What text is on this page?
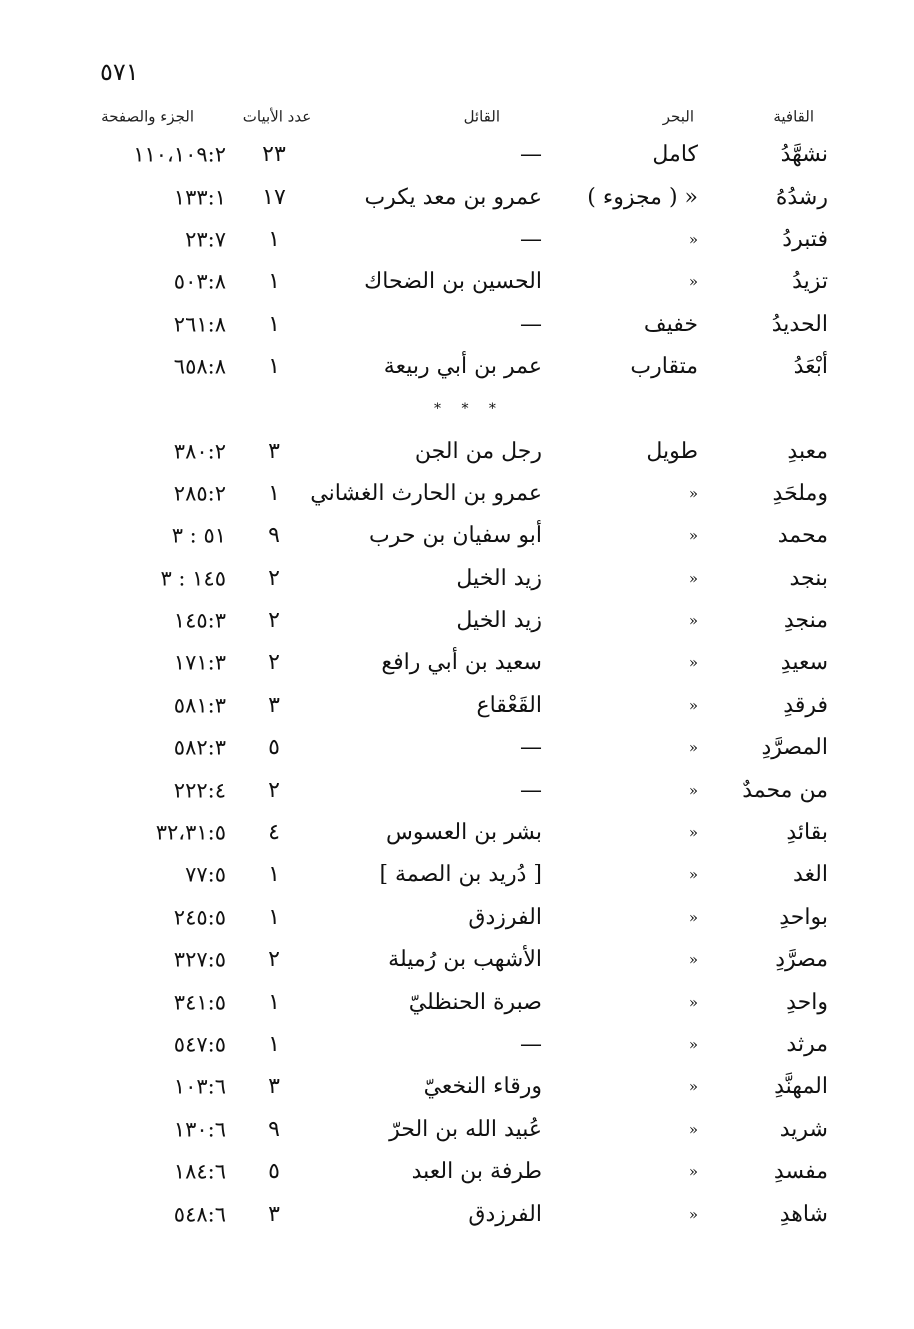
٥٧١
القافية
البحر
القائل
عدد الأبيات
الجزء والصفحة
نشهَّدُ
كامل
—
٢٣
١١٠،١٠٩:٢
رشدُهُ
« ( مجزوء )
عمرو بن معد يكرب
١٧
١٣٣:١
فتبردُ
«
—
١
٢٣:٧
تزيدُ
«
الحسين بن الضحاك
١
٥٠٣:٨
الحديدُ
خفيف
—
١
٢٦١:٨
أبْعَدُ
متقارب
عمر بن أبي ربيعة
١
٦٥٨:٨
* * *
معبدِ
طويل
رجل من الجن
٣
٣٨٠:٢
وملحَدِ
«
عمرو بن الحارث الغشاني
١
٢٨٥:٢
محمد
«
أبو سفيان بن حرب
٩
٥١ : ٣
بنجد
«
زيد الخيل
٢
١٤٥ : ٣
منجدِ
«
زيد الخيل
٢
١٤٥:٣
سعيدِ
«
سعيد بن أبي رافع
٢
١٧١:٣
فرقدِ
«
القَعْقاع
٣
٥٨١:٣
المصرَّدِ
«
—
٥
٥٨٢:٣
من محمدٌ
«
—
٢
٢٢٢:٤
بقائدِ
«
بشر بن العسوس
٤
٣٢،٣١:٥
الغد
«
[ دُريد بن الصمة ]
١
٧٧:٥
بواحدِ
«
الفرزدق
١
٢٤٥:٥
مصرَّدِ
«
الأشهب بن رُميلة
٢
٣٢٧:٥
واحدِ
«
صبرة الحنظليّ
١
٣٤١:٥
مرثد
«
—
١
٥٤٧:٥
المهنَّدِ
«
ورقاء النخعيّ
٣
١٠٣:٦
شريد
«
عُبيد الله بن الحرّ
٩
١٣٠:٦
مفسدِ
«
طرفة بن العبد
٥
١٨٤:٦
شاهدِ
«
الفرزدق
٣
٥٤٨:٦
